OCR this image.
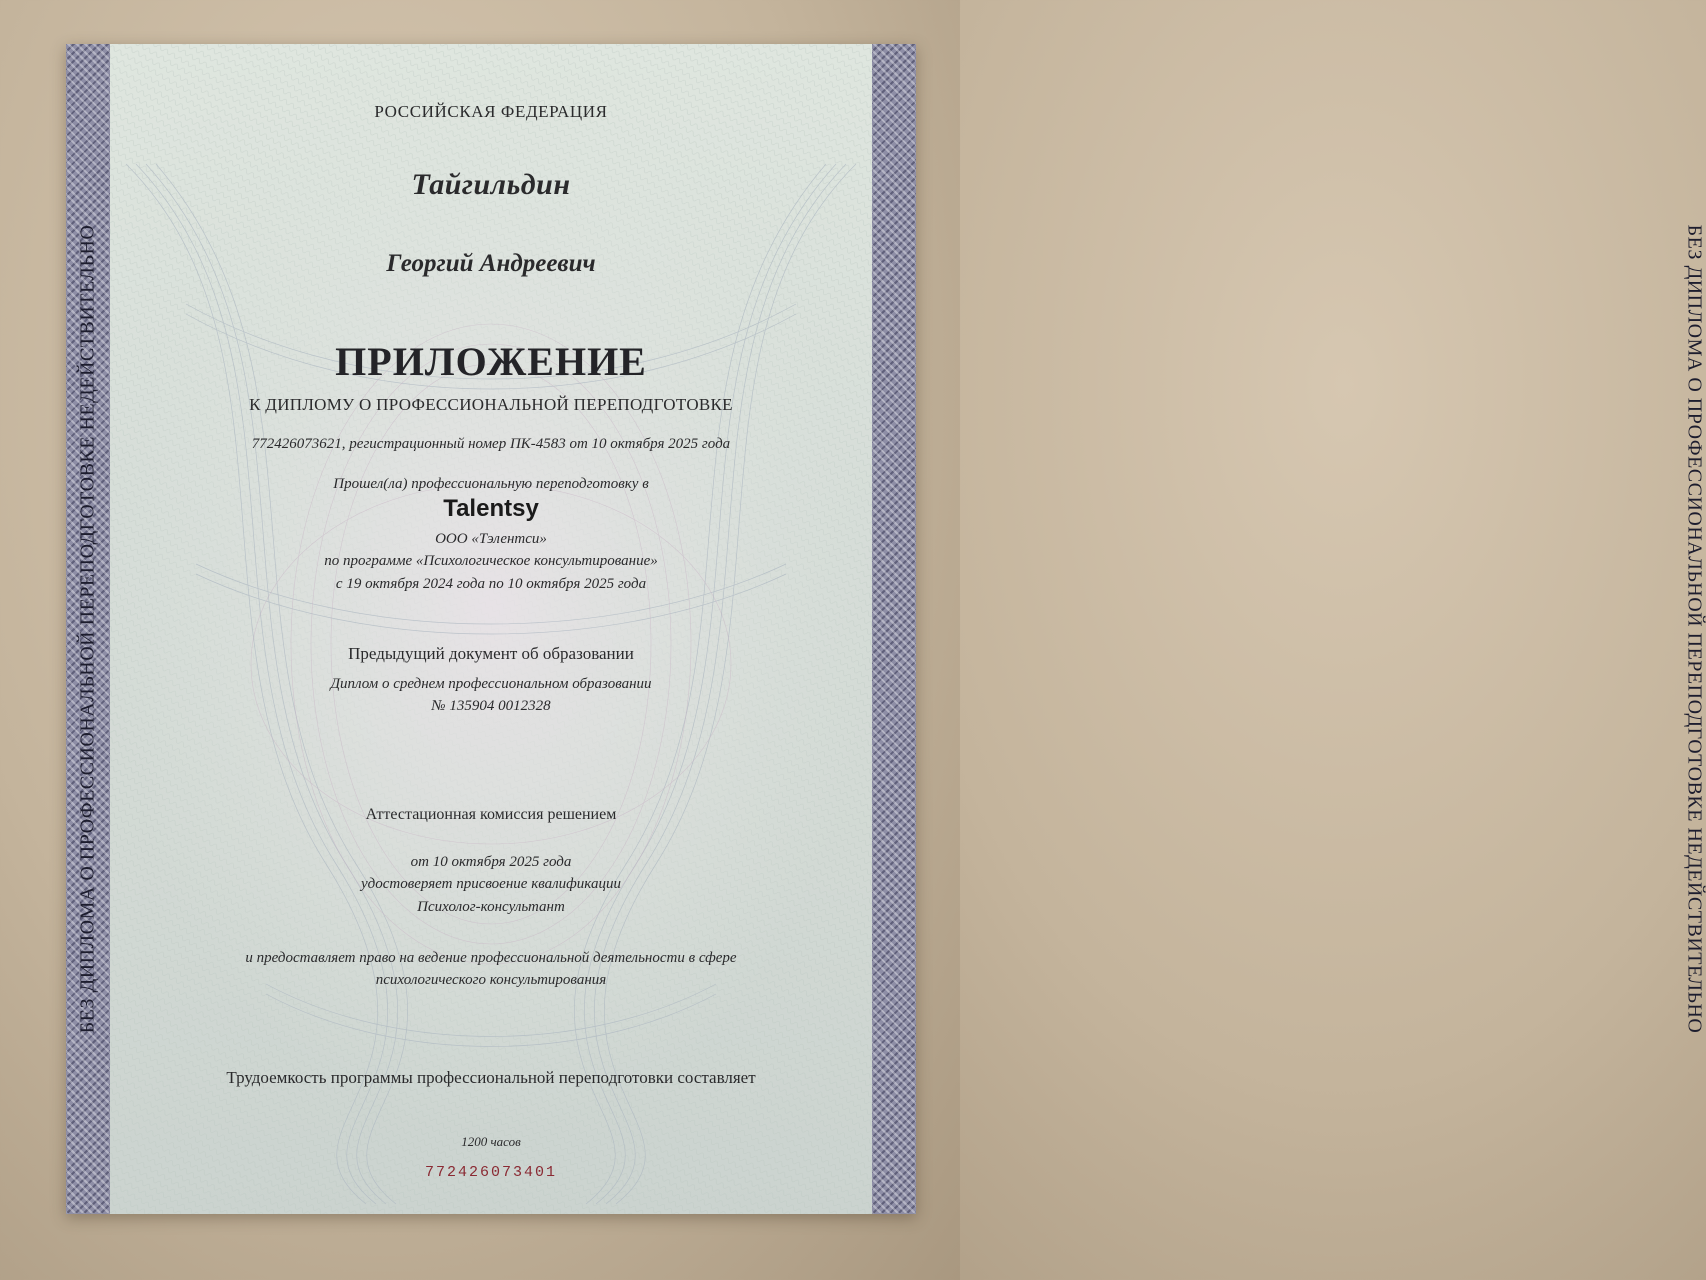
БЕЗ ДИПЛОМА О ПРОФЕССИОНАЛЬНОЙ ПЕРЕПОДГОТОВКЕ НЕДЕЙСТВИТЕЛЬНО	БЕЗ ДИПЛОМА О ПРОФЕССИОНАЛЬНОЙ ПЕРЕПОДГОТОВКЕ НЕДЕЙСТВИТЕЛЬНО
РОССИЙСКАЯ ФЕДЕРАЦИЯ
Тайгильдин
Георгий Андреевич
ПРИЛОЖЕНИЕ
К ДИПЛОМУ О ПРОФЕССИОНАЛЬНОЙ ПЕРЕПОДГОТОВКЕ
772426073621, регистрационный номер ПК-4583 от 10 октября 2025 года
Прошел(ла) профессиональную переподготовку в
Talentsy
ООО «Тэлентси»
по программе «Психологическое консультирование»
с 19 октября 2024 года по 10 октября 2025 года
Предыдущий документ об образовании
Диплом о среднем профессиональном образовании
№ 135904 0012328
Аттестационная комиссия решением
от 10 октября 2025 года
удостоверяет присвоение квалификации
Психолог-консультант
и предоставляет право на ведение профессиональной деятельности в сфере
психологического консультирования
Трудоемкость программы профессиональной переподготовки составляет
1200 часов
772426073401
